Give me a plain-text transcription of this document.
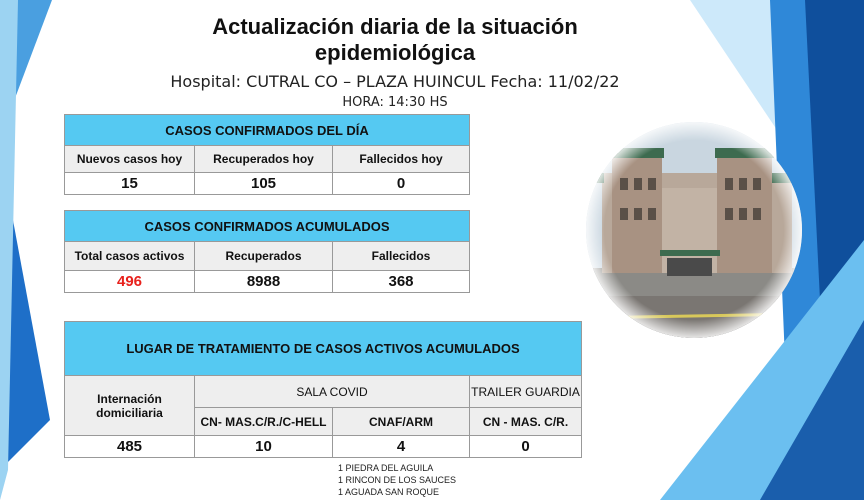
Actualización diaria de la situación epidemiológica
Hospital: CUTRAL CO – PLAZA HUINCUL Fecha: 11/02/22
HORA: 14:30 HS
CASOS CONFIRMADOS DEL DÍA		
Nuevos casos hoy	Recuperados hoy	Fallecidos hoy
15	105	0
CASOS CONFIRMADOS ACUMULADOS		
Total casos activos	Recuperados	Fallecidos
496	8988	368
LUGAR DE TRATAMIENTO DE CASOS ACTIVOS ACUMULADOS			
Internación domiciliaria	SALA COVID		TRAILER GUARDIA
	CN- MAS.C/R./C-HELL	CNAF/ARM	CN - MAS. C/R.
485	10	4	0
1 PIEDRA DEL AGUILA
1 RINCON DE LOS SAUCES
1 AGUADA SAN ROQUE
